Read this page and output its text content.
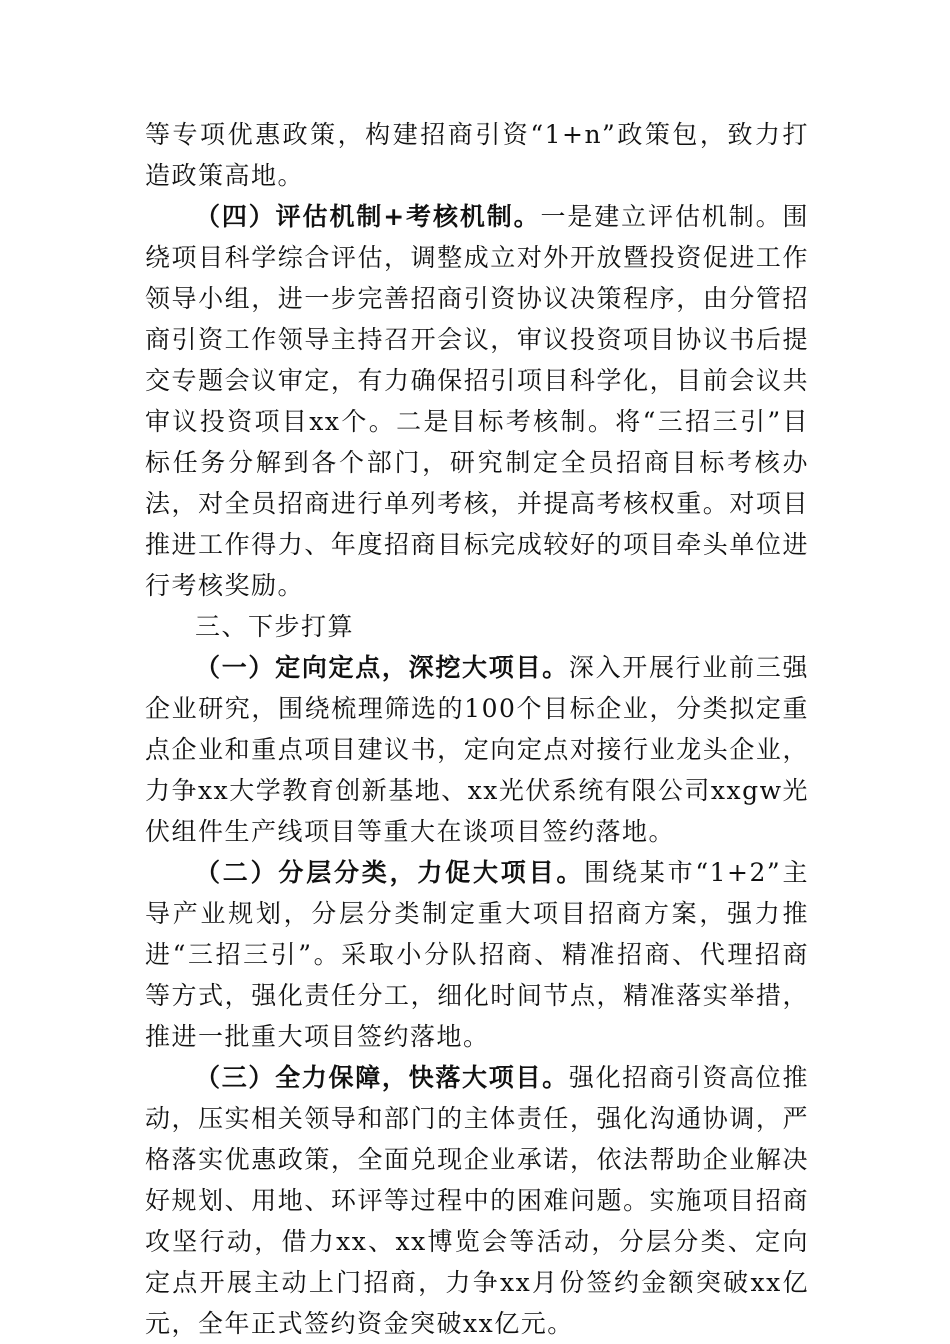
等专项优惠政策，构建招商引资“1+n”政策包，致力打造政策高地。

（四）评估机制+考核机制。一是建立评估机制。围绕项目科学综合评估，调整成立对外开放暨投资促进工作领导小组，进一步完善招商引资协议决策程序，由分管招商引资工作领导主持召开会议，审议投资项目协议书后提交专题会议审定，有力确保招引项目科学化，目前会议共审议投资项目xx个。二是目标考核制。将“三招三引”目标任务分解到各个部门，研究制定全员招商目标考核办法，对全员招商进行单列考核，并提高考核权重。对项目推进工作得力、年度招商目标完成较好的项目牵头单位进行考核奖励。

三、下步打算

（一）定向定点，深挖大项目。深入开展行业前三强企业研究，围绕梳理筛选的100个目标企业，分类拟定重点企业和重点项目建议书，定向定点对接行业龙头企业，力争xx大学教育创新基地、xx光伏系统有限公司xxgw光伏组件生产线项目等重大在谈项目签约落地。

（二）分层分类，力促大项目。围绕某市“1+2”主导产业规划，分层分类制定重大项目招商方案，强力推进“三招三引”。采取小分队招商、精准招商、代理招商等方式，强化责任分工，细化时间节点，精准落实举措，推进一批重大项目签约落地。

（三）全力保障，快落大项目。强化招商引资高位推动，压实相关领导和部门的主体责任，强化沟通协调，严格落实优惠政策，全面兑现企业承诺，依法帮助企业解决好规划、用地、环评等过程中的困难问题。实施项目招商攻坚行动，借力xx、xx博览会等活动，分层分类、定向定点开展主动上门招商，力争xx月份签约金额突破xx亿元，全年正式签约资金突破xx亿元。
